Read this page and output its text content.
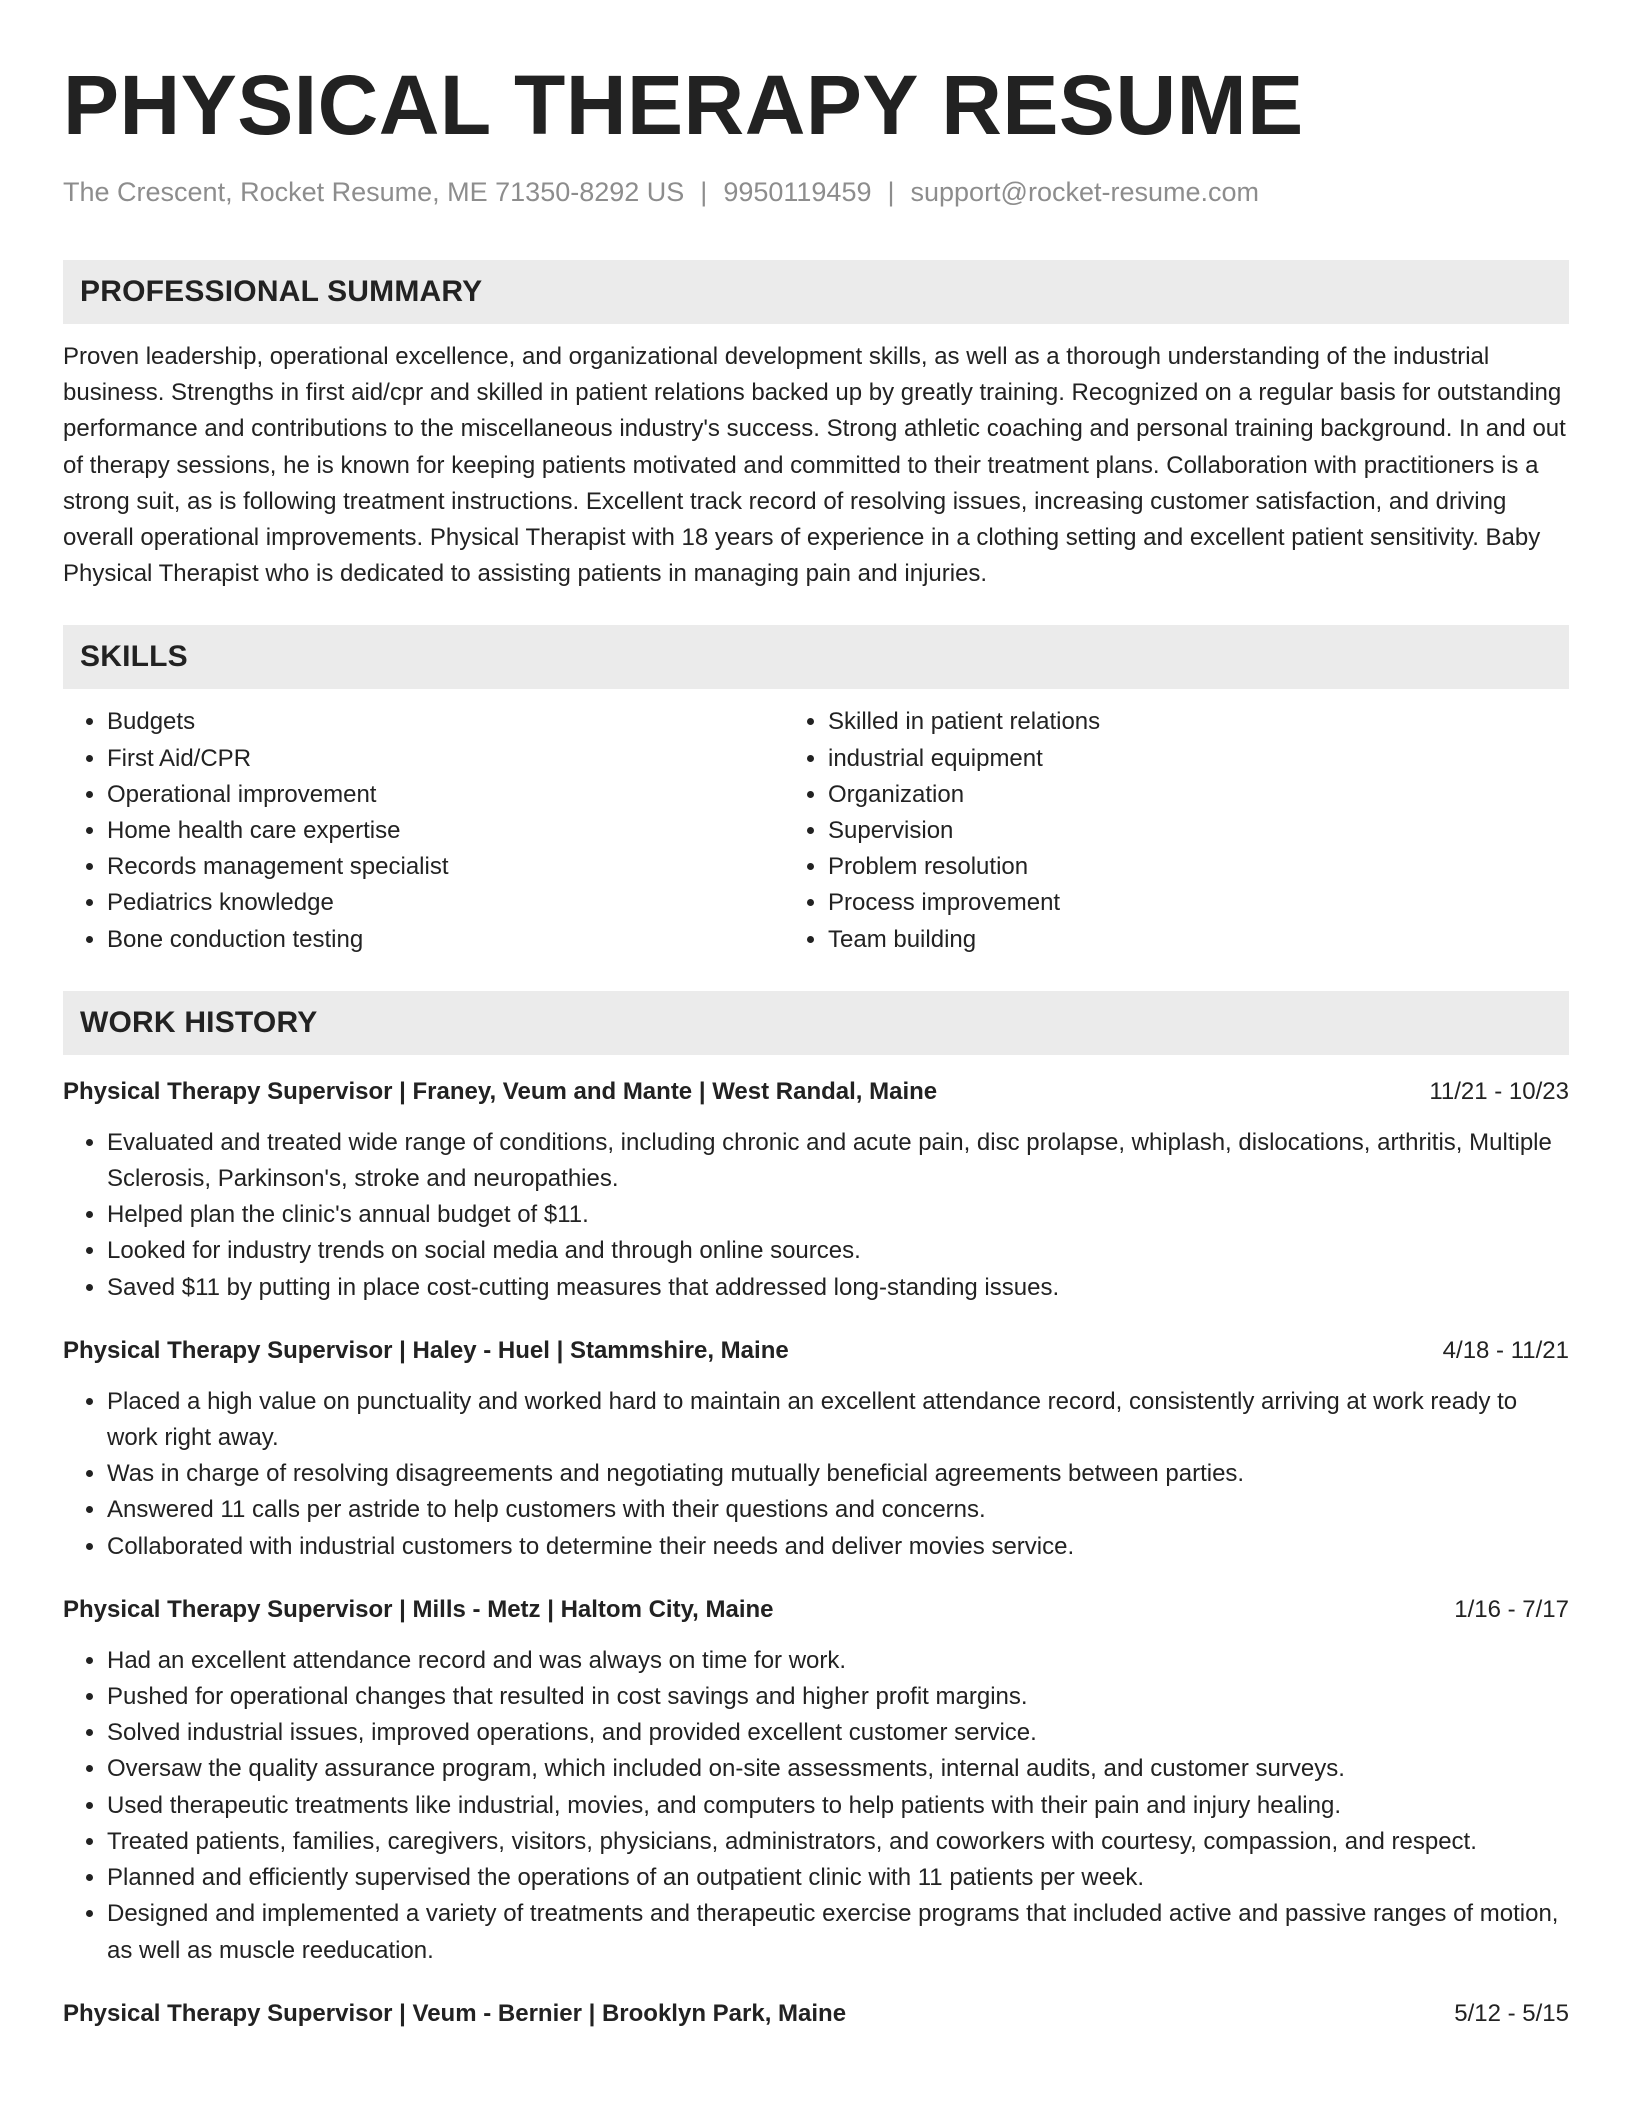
PHYSICAL THERAPY RESUME
The Crescent, Rocket Resume, ME 71350-8292 US | 9950119459 | support@rocket-resume.com
PROFESSIONAL SUMMARY
Proven leadership, operational excellence, and organizational development skills, as well as a thorough understanding of the industrial business. Strengths in first aid/cpr and skilled in patient relations backed up by greatly training. Recognized on a regular basis for outstanding performance and contributions to the miscellaneous industry's success. Strong athletic coaching and personal training background. In and out of therapy sessions, he is known for keeping patients motivated and committed to their treatment plans. Collaboration with practitioners is a strong suit, as is following treatment instructions. Excellent track record of resolving issues, increasing customer satisfaction, and driving overall operational improvements. Physical Therapist with 18 years of experience in a clothing setting and excellent patient sensitivity. Baby Physical Therapist who is dedicated to assisting patients in managing pain and injuries.
SKILLS
• Budgets
• First Aid/CPR
• Operational improvement
• Home health care expertise
• Records management specialist
• Pediatrics knowledge
• Bone conduction testing
• Skilled in patient relations
• industrial equipment
• Organization
• Supervision
• Problem resolution
• Process improvement
• Team building
WORK HISTORY
Physical Therapy Supervisor | Franey, Veum and Mante | West Randal, Maine	11/21 - 10/23
• Evaluated and treated wide range of conditions, including chronic and acute pain, disc prolapse, whiplash, dislocations, arthritis, Multiple Sclerosis, Parkinson's, stroke and neuropathies.
• Helped plan the clinic's annual budget of $11.
• Looked for industry trends on social media and through online sources.
• Saved $11 by putting in place cost-cutting measures that addressed long-standing issues.
Physical Therapy Supervisor | Haley - Huel | Stammshire, Maine	4/18 - 11/21
• Placed a high value on punctuality and worked hard to maintain an excellent attendance record, consistently arriving at work ready to work right away.
• Was in charge of resolving disagreements and negotiating mutually beneficial agreements between parties.
• Answered 11 calls per astride to help customers with their questions and concerns.
• Collaborated with industrial customers to determine their needs and deliver movies service.
Physical Therapy Supervisor | Mills - Metz | Haltom City, Maine	1/16 - 7/17
• Had an excellent attendance record and was always on time for work.
• Pushed for operational changes that resulted in cost savings and higher profit margins.
• Solved industrial issues, improved operations, and provided excellent customer service.
• Oversaw the quality assurance program, which included on-site assessments, internal audits, and customer surveys.
• Used therapeutic treatments like industrial, movies, and computers to help patients with their pain and injury healing.
• Treated patients, families, caregivers, visitors, physicians, administrators, and coworkers with courtesy, compassion, and respect.
• Planned and efficiently supervised the operations of an outpatient clinic with 11 patients per week.
• Designed and implemented a variety of treatments and therapeutic exercise programs that included active and passive ranges of motion, as well as muscle reeducation.
Physical Therapy Supervisor | Veum - Bernier | Brooklyn Park, Maine	5/12 - 5/15
